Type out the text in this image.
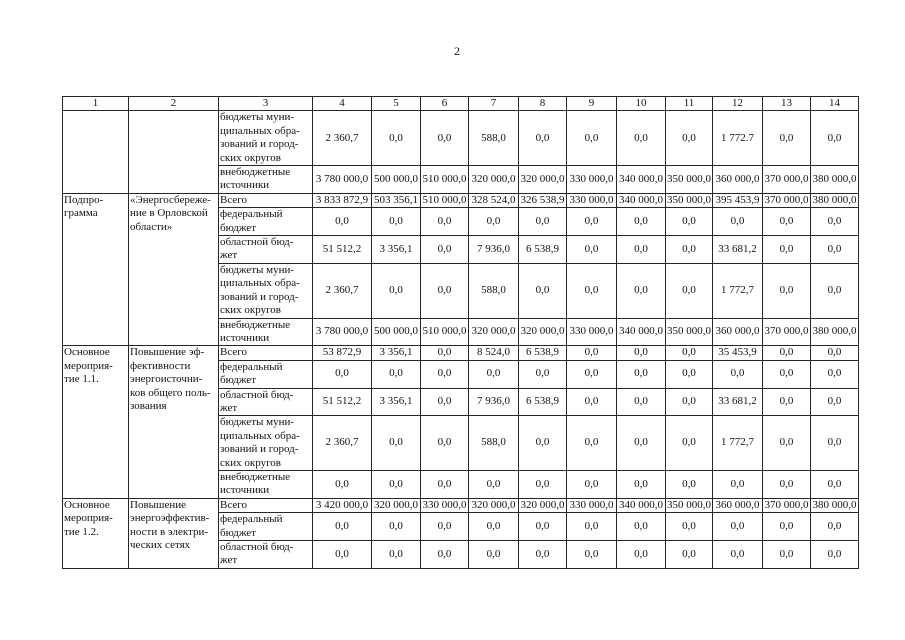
2
1	2	3	4	5	6	7	8	9	10	11	12	13	14
		бюджеты муни-
ципальных обра-
зований и город-
ских округов	2 360,7	0,0	0,0	588,0	0,0	0,0	0,0	0,0	1 772.7	0,0	0,0
		внебюджетные
источники	3 780 000,0	500 000,0	510 000,0	320 000,0	320 000,0	330 000,0	340 000,0	350 000,0	360 000,0	370 000,0	380 000,0
Подпро-
грамма	«Энергосбереже-
ние в Орловской
области»	Всего	3 833 872,9	503 356,1	510 000,0	328 524,0	326 538,9	330 000,0	340 000,0	350 000,0	395 453,9	370 000,0	380 000,0
		федеральный
бюджет	0,0	0,0	0,0	0,0	0,0	0,0	0,0	0,0	0,0	0,0	0,0
		областной бюд-
жет	51 512,2	3 356,1	0,0	7 936,0	6 538,9	0,0	0,0	0,0	33 681,2	0,0	0,0
		бюджеты муни-
ципальных обра-
зований и город-
ских округов	2 360,7	0,0	0,0	588,0	0,0	0,0	0,0	0,0	1 772,7	0,0	0,0
		внебюджетные
источники	3 780 000,0	500 000,0	510 000,0	320 000,0	320 000,0	330 000,0	340 000,0	350 000,0	360 000,0	370 000,0	380 000,0
Основное
мероприя-
тие 1.1.	Повышение эф-
фективности
энергоисточни-
ков общего поль-
зования	Всего	53 872,9	3 356,1	0,0	8 524,0	6 538,9	0,0	0,0	0,0	35 453,9	0,0	0,0
		федеральный
бюджет	0,0	0,0	0,0	0,0	0,0	0,0	0,0	0,0	0,0	0,0	0,0
		областной бюд-
жет	51 512,2	3 356,1	0,0	7 936,0	6 538,9	0,0	0,0	0,0	33 681,2	0,0	0,0
		бюджеты муни-
ципальных обра-
зований и город-
ских округов	2 360,7	0,0	0,0	588,0	0,0	0,0	0,0	0,0	1 772,7	0,0	0,0
		внебюджетные
источники	0,0	0,0	0,0	0,0	0,0	0,0	0,0	0,0	0,0	0,0	0,0
Основное
мероприя-
тие 1.2.	Повышение
энергоэффектив-
ности в электри-
ческих сетях	Всего	3 420 000,0	320 000,0	330 000,0	320 000,0	320 000,0	330 000,0	340 000,0	350 000,0	360 000,0	370 000,0	380 000,0
		федеральный
бюджет	0,0	0,0	0,0	0,0	0,0	0,0	0,0	0,0	0,0	0,0	0,0
		областной бюд-
жет	0,0	0,0	0,0	0,0	0,0	0,0	0,0	0,0	0,0	0,0	0,0
